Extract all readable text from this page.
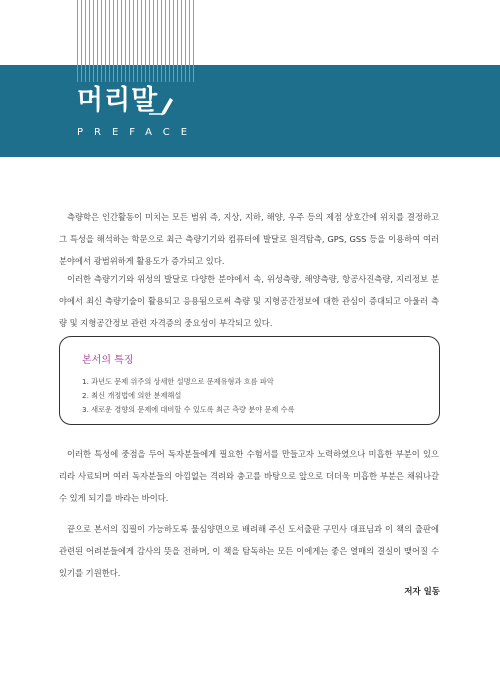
머리말
PREFACE

측량학은 인간활동이 미치는 모든 범위 즉, 지상, 지하, 해양, 우주 등의 제점 상호간에 위치를 결정하고 그 특성을 해석하는 학문으로 최근 측량기기와 컴퓨터에 발달로 원격탐측, GPS, GSS 등을 이용하여 여러 분야에서 광범위하게 활용도가 증가되고 있다.

이러한 측량기기와 위성의 발달로 다양한 분야에서 속, 위성측량, 해양측량, 항공사진측량, 지리정보 분야에서 최신 측량기술이 활용되고 응용됨으로써 측량 및 지형공간정보에 대한 관심이 증대되고 아울러 측량 및 지형공간정보 관련 자격증의 중요성이 부각되고 있다.

본서의 특징

1. 과년도 문제 위주의 상세한 설명으로 문제유형과 흐름 파악
2. 최신 개정법에 의한 분제해설
3. 새로운 경향의 문제에 대비할 수 있도록 최근 측량 분야 문제 수록

이러한 특성에 중점을 두어 독자분들에게 필요한 수험서를 만들고자 노력하였으나 미흡한 부분이 있으리라 사료되며 여러 독자분들의 아낌없는 격려와 충고를 바탕으로 앞으로 더더욱 미흡한 부분은 채워나갈 수 있게 되기를 바라는 바이다.

끝으로 본서의 집필이 가능하도록 물심양면으로 배려해 주신 도서출판 구민사 대표님과 이 책의 출판에 관련된 어려분들에게 감사의 뜻을 전하며, 이 책을 탐독하는 모든 이에게는 좋은 열매의 결실이 맺어질 수 있기를 기원한다.

저자 일동
